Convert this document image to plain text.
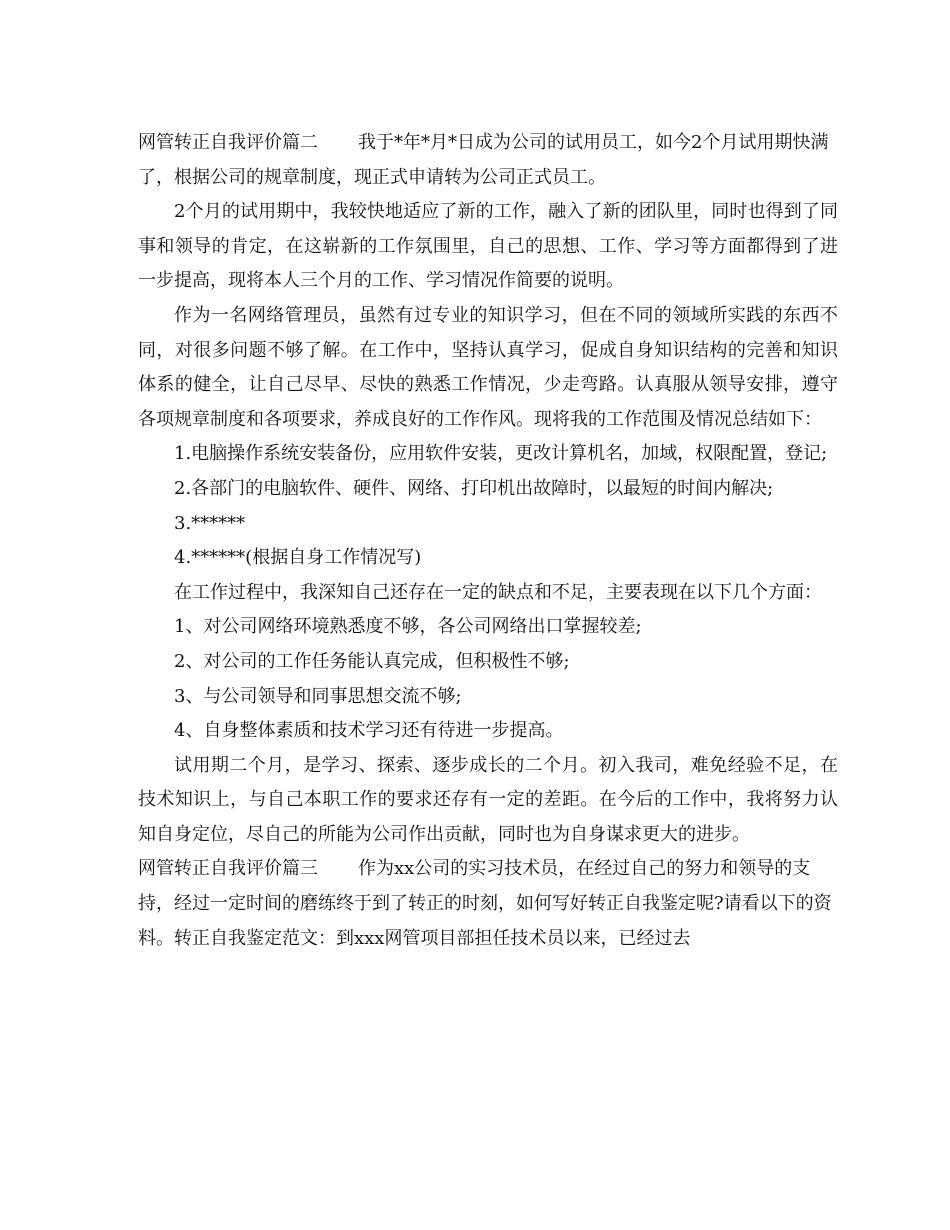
网管转正自我评价篇二 我于*年*月*日成为公司的试用员工，如今2个月试用期快满了，根据公司的规章制度，现正式申请转为公司正式员工。

2个月的试用期中，我较快地适应了新的工作，融入了新的团队里，同时也得到了同事和领导的肯定，在这崭新的工作氛围里，自己的思想、工作、学习等方面都得到了进一步提高，现将本人三个月的工作、学习情况作简要的说明。

作为一名网络管理员，虽然有过专业的知识学习，但在不同的领域所实践的东西不同，对很多问题不够了解。在工作中，坚持认真学习，促成自身知识结构的完善和知识体系的健全，让自己尽早、尽快的熟悉工作情况，少走弯路。认真服从领导安排，遵守各项规章制度和各项要求，养成良好的工作作风。现将我的工作范围及情况总结如下：

1.电脑操作系统安装备份，应用软件安装，更改计算机名，加域，权限配置，登记;

2.各部门的电脑软件、硬件、网络、打印机出故障时，以最短的时间内解决;

3.******

4.******(根据自身工作情况写)

在工作过程中，我深知自己还存在一定的缺点和不足，主要表现在以下几个方面：

1、对公司网络环境熟悉度不够，各公司网络出口掌握较差;

2、对公司的工作任务能认真完成，但积极性不够;

3、与公司领导和同事思想交流不够;

4、自身整体素质和技术学习还有待进一步提高。

试用期二个月，是学习、探索、逐步成长的二个月。初入我司，难免经验不足，在技术知识上，与自己本职工作的要求还存有一定的差距。在今后的工作中，我将努力认知自身定位，尽自己的所能为公司作出贡献，同时也为自身谋求更大的进步。

网管转正自我评价篇三 作为xx公司的实习技术员，在经过自己的努力和领导的支持，经过一定时间的磨练终于到了转正的时刻，如何写好转正自我鉴定呢?请看以下的资料。转正自我鉴定范文：到xxx网管项目部担任技术员以来，已经过去
